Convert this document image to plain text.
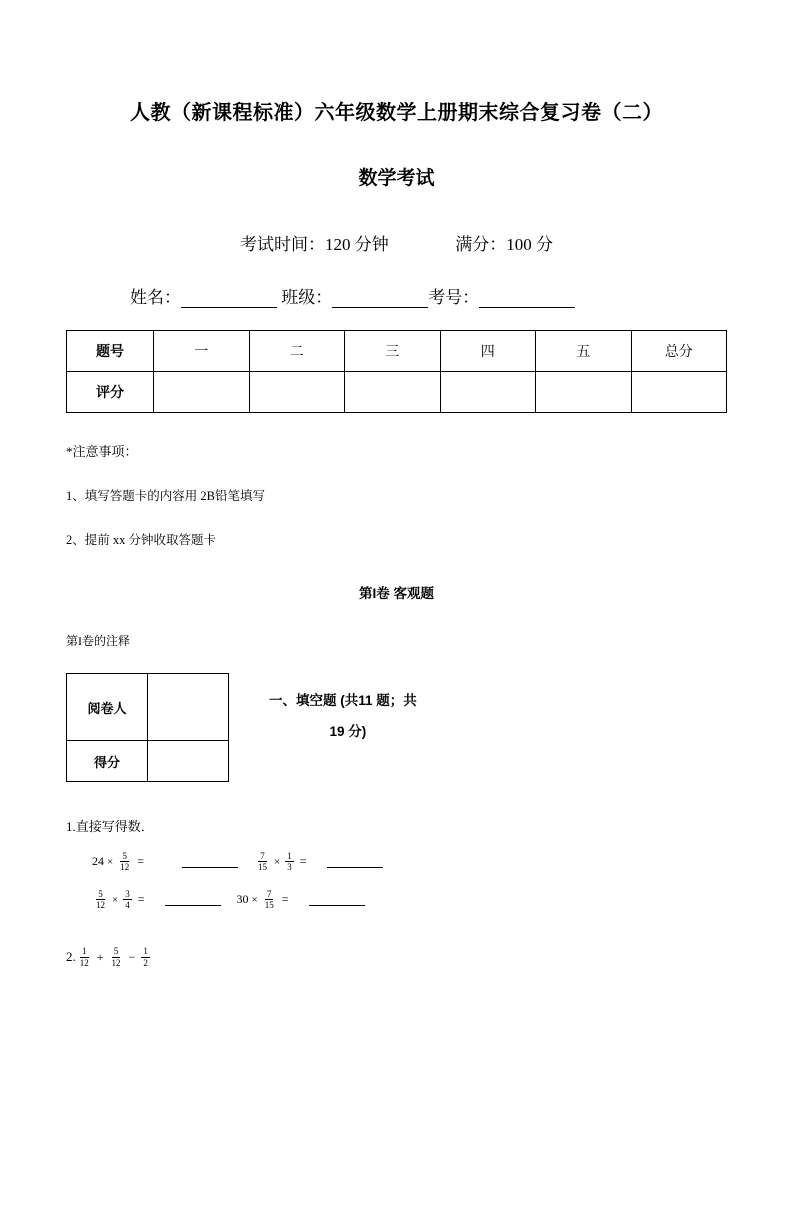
人教（新课程标准）六年级数学上册期末综合复习卷（二）
数学考试
考试时间：120 分钟	满分：100 分
姓名：	班级：	考号：
题号	一	二	三	四	五	总分
评分						
*注意事项：
1、填写答题卡的内容用 2B铅笔填写
2、提前 xx 分钟收取答题卡
第I卷 客观题
第I卷的注释
阅卷人	
得分	
一、填空题 (共11 题；共
19 分)
1.直接写得数．
$24 \times \frac{5}{12}$ =	$\frac{7}{15} \times \frac{1}{3}$ =
$\frac{5}{12} \times \frac{3}{4}$ =	$30 \times \frac{7}{15}$ =
2. $\frac{1}{12} + \frac{5}{12} - \frac{1}{2}$
